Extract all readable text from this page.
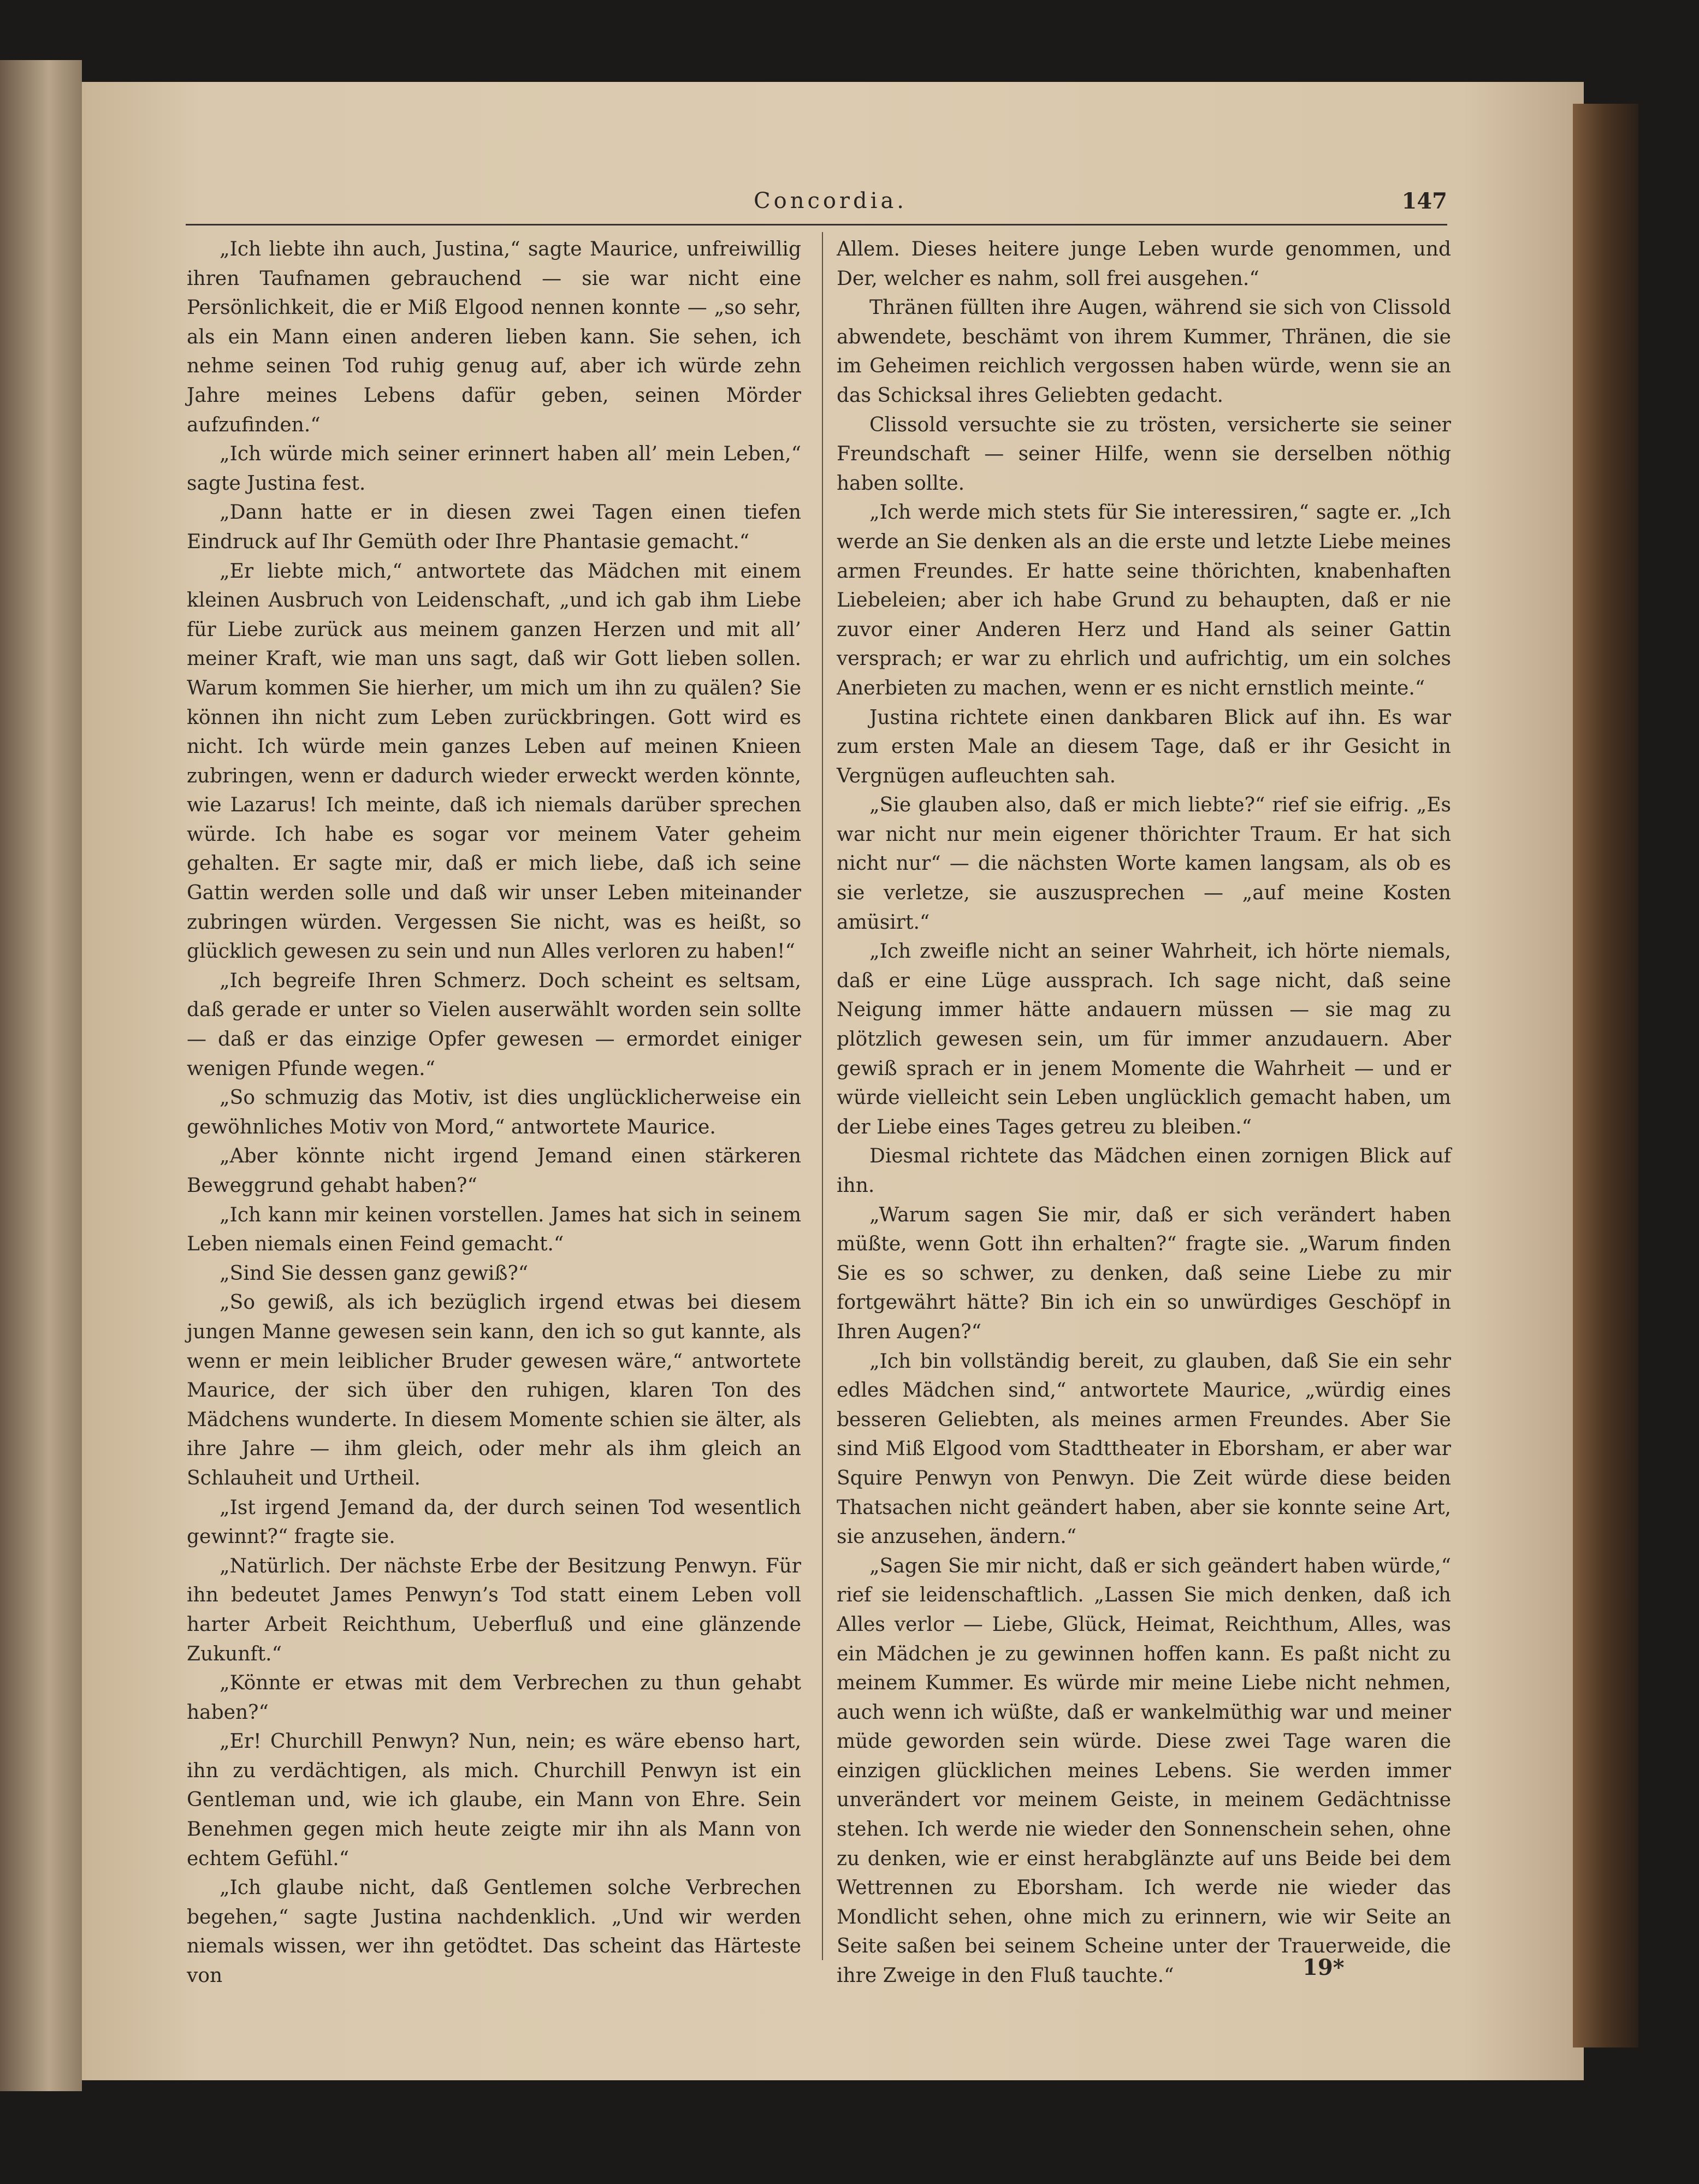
Concordia.	147

„Ich liebte ihn auch, Justina,“ sagte Maurice, unfreiwillig ihren Taufnamen gebrauchend — sie war nicht eine Persönlichkeit, die er Miß Elgood nennen konnte — „so sehr, als ein Mann einen anderen lieben kann. Sie sehen, ich nehme seinen Tod ruhig genug auf, aber ich würde zehn Jahre meines Lebens dafür geben, seinen Mörder aufzufinden.“

„Ich würde mich seiner erinnert haben all’ mein Leben,“ sagte Justina fest.

„Dann hatte er in diesen zwei Tagen einen tiefen Eindruck auf Ihr Gemüth oder Ihre Phantasie gemacht.“

„Er liebte mich,“ antwortete das Mädchen mit einem kleinen Ausbruch von Leidenschaft, „und ich gab ihm Liebe für Liebe zurück aus meinem ganzen Herzen und mit all’ meiner Kraft, wie man uns sagt, daß wir Gott lieben sollen. Warum kommen Sie hierher, um mich um ihn zu quälen? Sie können ihn nicht zum Leben zurückbringen. Gott wird es nicht. Ich würde mein ganzes Leben auf meinen Knieen zubringen, wenn er dadurch wieder erweckt werden könnte, wie Lazarus! Ich meinte, daß ich niemals darüber sprechen würde. Ich habe es sogar vor meinem Vater geheim gehalten. Er sagte mir, daß er mich liebe, daß ich seine Gattin werden solle und daß wir unser Leben miteinander zubringen würden. Vergessen Sie nicht, was es heißt, so glücklich gewesen zu sein und nun Alles verloren zu haben!“

„Ich begreife Ihren Schmerz. Doch scheint es seltsam, daß gerade er unter so Vielen auserwählt worden sein sollte — daß er das einzige Opfer gewesen — ermordet einiger wenigen Pfunde wegen.“

„So schmuzig das Motiv, ist dies unglücklicherweise ein gewöhnliches Motiv von Mord,“ antwortete Maurice.

„Aber könnte nicht irgend Jemand einen stärkeren Beweggrund gehabt haben?“

„Ich kann mir keinen vorstellen. James hat sich in seinem Leben niemals einen Feind gemacht.“

„Sind Sie dessen ganz gewiß?“

„So gewiß, als ich bezüglich irgend etwas bei diesem jungen Manne gewesen sein kann, den ich so gut kannte, als wenn er mein leiblicher Bruder gewesen wäre,“ antwortete Maurice, der sich über den ruhigen, klaren Ton des Mädchens wunderte. In diesem Momente schien sie älter, als ihre Jahre — ihm gleich, oder mehr als ihm gleich an Schlauheit und Urtheil.

„Ist irgend Jemand da, der durch seinen Tod wesentlich gewinnt?“ fragte sie.

„Natürlich. Der nächste Erbe der Besitzung Penwyn. Für ihn bedeutet James Penwyn’s Tod statt einem Leben voll harter Arbeit Reichthum, Ueberfluß und eine glänzende Zukunft.“

„Könnte er etwas mit dem Verbrechen zu thun gehabt haben?“

„Er! Churchill Penwyn? Nun, nein; es wäre ebenso hart, ihn zu verdächtigen, als mich. Churchill Penwyn ist ein Gentleman und, wie ich glaube, ein Mann von Ehre. Sein Benehmen gegen mich heute zeigte mir ihn als Mann von echtem Gefühl.“

„Ich glaube nicht, daß Gentlemen solche Verbrechen begehen,“ sagte Justina nachdenklich. „Und wir werden niemals wissen, wer ihn getödtet. Das scheint das Härteste von

Allem. Dieses heitere junge Leben wurde genommen, und Der, welcher es nahm, soll frei ausgehen.“

Thränen füllten ihre Augen, während sie sich von Clissold abwendete, beschämt von ihrem Kummer, Thränen, die sie im Geheimen reichlich vergossen haben würde, wenn sie an das Schicksal ihres Geliebten gedacht.

Clissold versuchte sie zu trösten, versicherte sie seiner Freundschaft — seiner Hilfe, wenn sie derselben nöthig haben sollte.

„Ich werde mich stets für Sie interessiren,“ sagte er. „Ich werde an Sie denken als an die erste und letzte Liebe meines armen Freundes. Er hatte seine thörichten, knabenhaften Liebeleien; aber ich habe Grund zu behaupten, daß er nie zuvor einer Anderen Herz und Hand als seiner Gattin versprach; er war zu ehrlich und aufrichtig, um ein solches Anerbieten zu machen, wenn er es nicht ernstlich meinte.“

Justina richtete einen dankbaren Blick auf ihn. Es war zum ersten Male an diesem Tage, daß er ihr Gesicht in Vergnügen aufleuchten sah.

„Sie glauben also, daß er mich liebte?“ rief sie eifrig. „Es war nicht nur mein eigener thörichter Traum. Er hat sich nicht nur“ — die nächsten Worte kamen langsam, als ob es sie verletze, sie auszusprechen — „auf meine Kosten amüsirt.“

„Ich zweifle nicht an seiner Wahrheit, ich hörte niemals, daß er eine Lüge aussprach. Ich sage nicht, daß seine Neigung immer hätte andauern müssen — sie mag zu plötzlich gewesen sein, um für immer anzudauern. Aber gewiß sprach er in jenem Momente die Wahrheit — und er würde vielleicht sein Leben unglücklich gemacht haben, um der Liebe eines Tages getreu zu bleiben.“

Diesmal richtete das Mädchen einen zornigen Blick auf ihn.

„Warum sagen Sie mir, daß er sich verändert haben müßte, wenn Gott ihn erhalten?“ fragte sie. „Warum finden Sie es so schwer, zu denken, daß seine Liebe zu mir fortgewährt hätte? Bin ich ein so unwürdiges Geschöpf in Ihren Augen?“

„Ich bin vollständig bereit, zu glauben, daß Sie ein sehr edles Mädchen sind,“ antwortete Maurice, „würdig eines besseren Geliebten, als meines armen Freundes. Aber Sie sind Miß Elgood vom Stadttheater in Eborsham, er aber war Squire Penwyn von Penwyn. Die Zeit würde diese beiden Thatsachen nicht geändert haben, aber sie konnte seine Art, sie anzusehen, ändern.“

„Sagen Sie mir nicht, daß er sich geändert haben würde,“ rief sie leidenschaftlich. „Lassen Sie mich denken, daß ich Alles verlor — Liebe, Glück, Heimat, Reichthum, Alles, was ein Mädchen je zu gewinnen hoffen kann. Es paßt nicht zu meinem Kummer. Es würde mir meine Liebe nicht nehmen, auch wenn ich wüßte, daß er wankelmüthig war und meiner müde geworden sein würde. Diese zwei Tage waren die einzigen glücklichen meines Lebens. Sie werden immer unverändert vor meinem Geiste, in meinem Gedächtnisse stehen. Ich werde nie wieder den Sonnenschein sehen, ohne zu denken, wie er einst herabglänzte auf uns Beide bei dem Wettrennen zu Eborsham. Ich werde nie wieder das Mondlicht sehen, ohne mich zu erinnern, wie wir Seite an Seite saßen bei seinem Scheine unter der Trauerweide, die ihre Zweige in den Fluß tauchte.“	19*
